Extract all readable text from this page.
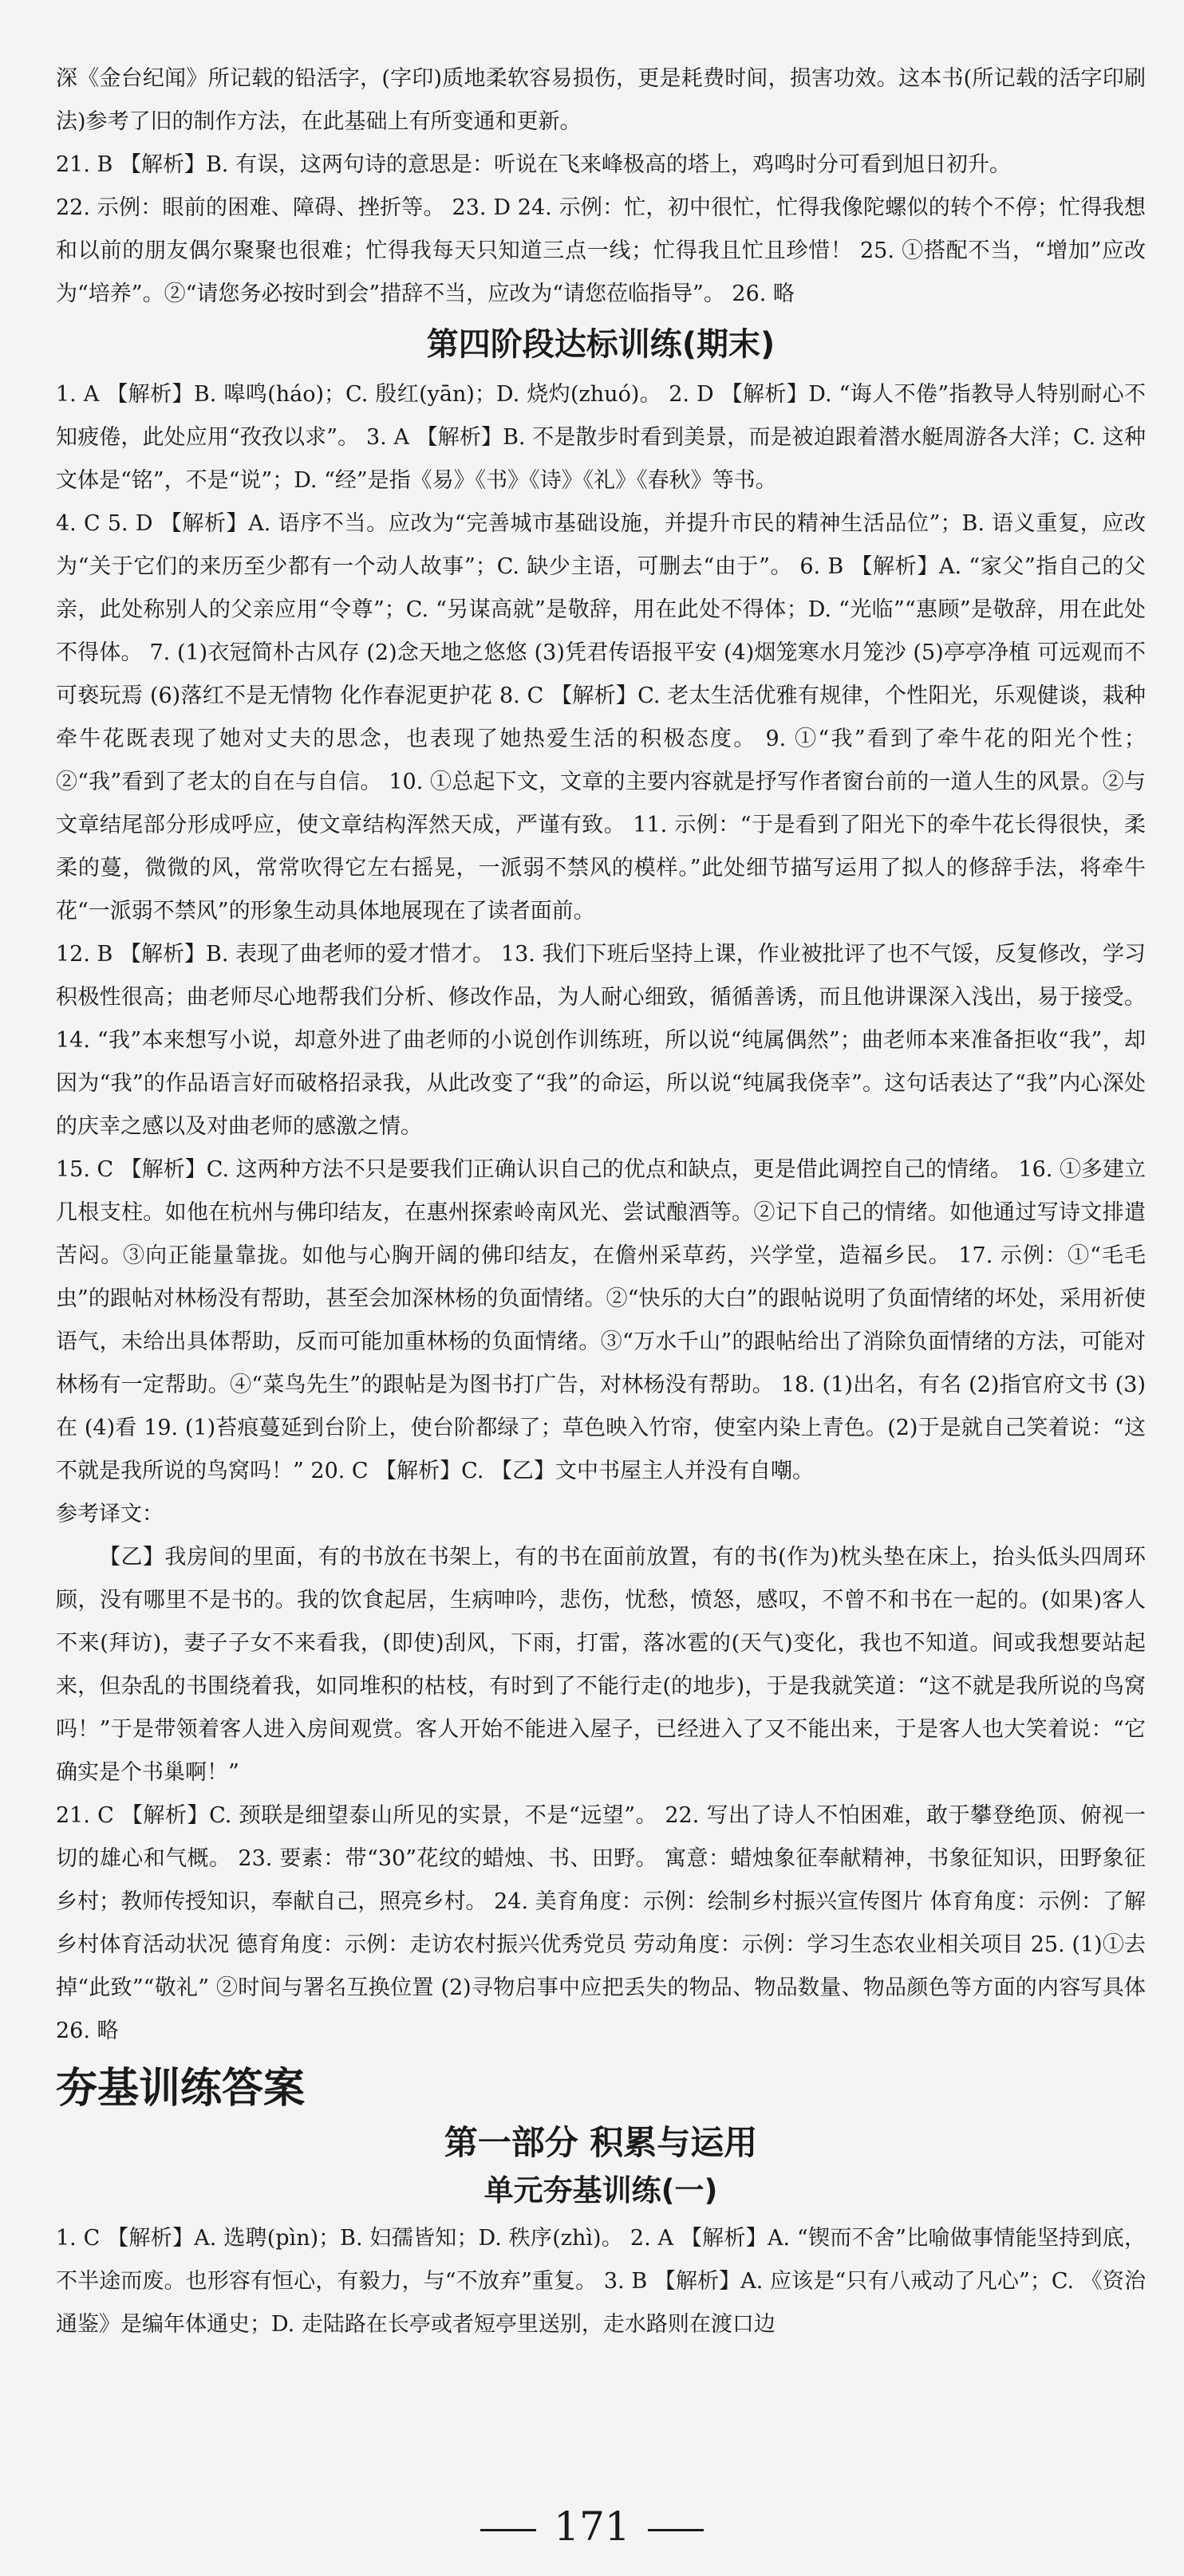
深《金台纪闻》所记载的铅活字，(字印)质地柔软容易损伤，更是耗费时间，损害功效。这本书(所记载的活字印刷法)参考了旧的制作方法，在此基础上有所变通和更新。

21. B 【解析】B. 有误，这两句诗的意思是：听说在飞来峰极高的塔上，鸡鸣时分可看到旭日初升。

22. 示例：眼前的困难、障碍、挫折等。 23. D 24. 示例：忙，初中很忙，忙得我像陀螺似的转个不停；忙得我想和以前的朋友偶尔聚聚也很难；忙得我每天只知道三点一线；忙得我且忙且珍惜！ 25. ①搭配不当，“增加”应改为“培养”。②“请您务必按时到会”措辞不当，应改为“请您莅临指导”。 26. 略

第四阶段达标训练(期末)

1. A 【解析】B. 嗥鸣(háo)；C. 殷红(yān)；D. 烧灼(zhuó)。 2. D 【解析】D. “诲人不倦”指教导人特别耐心不知疲倦，此处应用“孜孜以求”。 3. A 【解析】B. 不是散步时看到美景，而是被迫跟着潜水艇周游各大洋；C. 这种文体是“铭”，不是“说”；D. “经”是指《易》《书》《诗》《礼》《春秋》等书。

4. C 5. D 【解析】A. 语序不当。应改为“完善城市基础设施，并提升市民的精神生活品位”；B. 语义重复，应改为“关于它们的来历至少都有一个动人故事”；C. 缺少主语，可删去“由于”。 6. B 【解析】A. “家父”指自己的父亲，此处称别人的父亲应用“令尊”；C. “另谋高就”是敬辞，用在此处不得体；D. “光临”“惠顾”是敬辞，用在此处不得体。 7. (1)衣冠简朴古风存 (2)念天地之悠悠 (3)凭君传语报平安 (4)烟笼寒水月笼沙 (5)亭亭净植 可远观而不可亵玩焉 (6)落红不是无情物 化作春泥更护花 8. C 【解析】C. 老太生活优雅有规律，个性阳光，乐观健谈，栽种牵牛花既表现了她对丈夫的思念，也表现了她热爱生活的积极态度。 9. ①“我”看到了牵牛花的阳光个性；②“我”看到了老太的自在与自信。 10. ①总起下文，文章的主要内容就是抒写作者窗台前的一道人生的风景。②与文章结尾部分形成呼应，使文章结构浑然天成，严谨有致。 11. 示例：“于是看到了阳光下的牵牛花长得很快，柔柔的蔓，微微的风，常常吹得它左右摇晃，一派弱不禁风的模样。”此处细节描写运用了拟人的修辞手法，将牵牛花“一派弱不禁风”的形象生动具体地展现在了读者面前。

12. B 【解析】B. 表现了曲老师的爱才惜才。 13. 我们下班后坚持上课，作业被批评了也不气馁，反复修改，学习积极性很高；曲老师尽心地帮我们分析、修改作品，为人耐心细致，循循善诱，而且他讲课深入浅出，易于接受。 14. “我”本来想写小说，却意外进了曲老师的小说创作训练班，所以说“纯属偶然”；曲老师本来准备拒收“我”，却因为“我”的作品语言好而破格招录我，从此改变了“我”的命运，所以说“纯属我侥幸”。这句话表达了“我”内心深处的庆幸之感以及对曲老师的感激之情。

15. C 【解析】C. 这两种方法不只是要我们正确认识自己的优点和缺点，更是借此调控自己的情绪。 16. ①多建立几根支柱。如他在杭州与佛印结友，在惠州探索岭南风光、尝试酿酒等。②记下自己的情绪。如他通过写诗文排遣苦闷。③向正能量靠拢。如他与心胸开阔的佛印结友，在儋州采草药，兴学堂，造福乡民。 17. 示例：①“毛毛虫”的跟帖对林杨没有帮助，甚至会加深林杨的负面情绪。②“快乐的大白”的跟帖说明了负面情绪的坏处，采用祈使语气，未给出具体帮助，反而可能加重林杨的负面情绪。③“万水千山”的跟帖给出了消除负面情绪的方法，可能对林杨有一定帮助。④“菜鸟先生”的跟帖是为图书打广告，对林杨没有帮助。 18. (1)出名，有名 (2)指官府文书 (3)在 (4)看 19. (1)苔痕蔓延到台阶上，使台阶都绿了；草色映入竹帘，使室内染上青色。(2)于是就自己笑着说：“这不就是我所说的鸟窝吗！” 20. C 【解析】C. 【乙】文中书屋主人并没有自嘲。

参考译文：

【乙】我房间的里面，有的书放在书架上，有的书在面前放置，有的书(作为)枕头垫在床上，抬头低头四周环顾，没有哪里不是书的。我的饮食起居，生病呻吟，悲伤，忧愁，愤怒，感叹，不曾不和书在一起的。(如果)客人不来(拜访)，妻子子女不来看我，(即使)刮风，下雨，打雷，落冰雹的(天气)变化，我也不知道。间或我想要站起来，但杂乱的书围绕着我，如同堆积的枯枝，有时到了不能行走(的地步)，于是我就笑道：“这不就是我所说的鸟窝吗！”于是带领着客人进入房间观赏。客人开始不能进入屋子，已经进入了又不能出来，于是客人也大笑着说：“它确实是个书巢啊！”

21. C 【解析】C. 颈联是细望泰山所见的实景，不是“远望”。 22. 写出了诗人不怕困难，敢于攀登绝顶、俯视一切的雄心和气概。 23. 要素：带“30”花纹的蜡烛、书、田野。 寓意：蜡烛象征奉献精神，书象征知识，田野象征乡村；教师传授知识，奉献自己，照亮乡村。 24. 美育角度：示例：绘制乡村振兴宣传图片 体育角度：示例：了解乡村体育活动状况 德育角度：示例：走访农村振兴优秀党员 劳动角度：示例：学习生态农业相关项目 25. (1)①去掉“此致”“敬礼” ②时间与署名互换位置 (2)寻物启事中应把丢失的物品、物品数量、物品颜色等方面的内容写具体 26. 略

夯基训练答案
第一部分 积累与运用
单元夯基训练(一)

1. C 【解析】A. 选聘(pìn)；B. 妇孺皆知；D. 秩序(zhì)。 2. A 【解析】A. “锲而不舍”比喻做事情能坚持到底，不半途而废。也形容有恒心，有毅力，与“不放弃”重复。 3. B 【解析】A. 应该是“只有八戒动了凡心”；C. 《资治通鉴》是编年体通史；D. 走陆路在长亭或者短亭里送别，走水路则在渡口边

171
